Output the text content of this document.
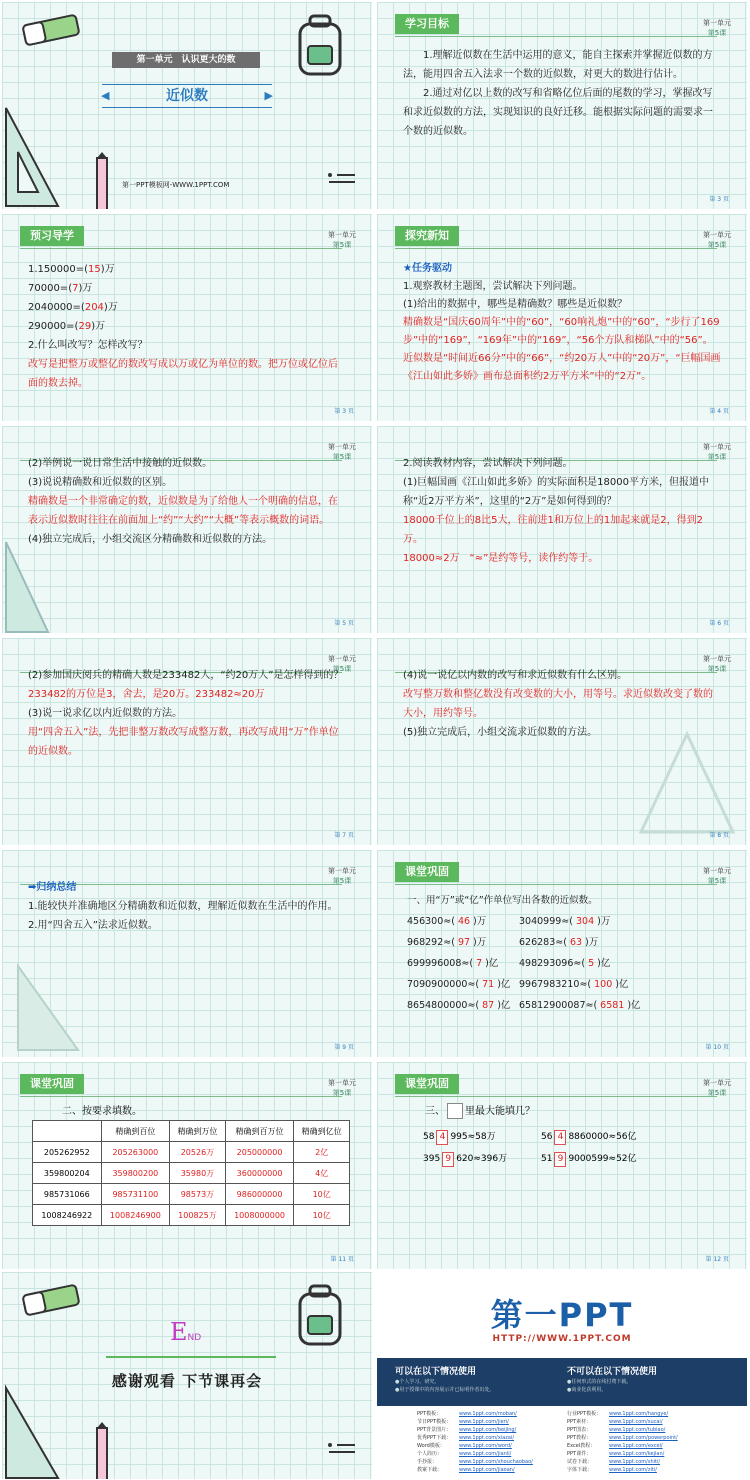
第一单元　认识更大的数
◀	近似数	▶
第一PPT模板网-WWW.1PPT.COM
学习目标	第一单元
第5课
1.理解近似数在生活中运用的意义，能自主探索并掌握近似数的方法，能用四舍五入法求一个数的近似数，对更大的数进行估计。
2.通过对亿以上数的改写和省略亿位后面的尾数的学习，掌握改写和求近似数的方法，实现知识的良好迁移。能根据实际问题的需要求一个数的近似数。
第 3 页
预习导学	第一单元
第5课
1.150000=(15)万
70000=(7)万
2040000=(204)万
290000=(29)万
2.什么叫改写？怎样改写？
改写是把整万或整亿的数改写成以万或亿为单位的数。把万位或亿位后面的数去掉。
第 3 页
探究新知	第一单元
第5课
★任务驱动
1.观察教材主题图，尝试解决下列问题。
(1)给出的数据中，哪些是精确数？哪些是近似数？
精确数是“国庆60周年”中的“60”，“60响礼炮”中的“60”，“步行了169步”中的“169”，“169年”中的“169”，“56个方队和梯队”中的“56”。近似数是“时间近66分”中的“66”，“约20万人”中的“20万”，“巨幅国画《江山如此多娇》画布总面积约2万平方米”中的“2万”。
第 4 页
第一单元
第5课
(2)举例说一说日常生活中接触的近似数。
(3)说说精确数和近似数的区别。
精确数是一个非常确定的数，近似数是为了给他人一个明确的信息，在表示近似数时往往在前面加上“约”“大约”“大概”等表示概数的词语。
(4)独立完成后，小组交流区分精确数和近似数的方法。
第 5 页
第一单元
第5课
2.阅读教材内容，尝试解决下列问题。
(1)巨幅国画《江山如此多娇》的实际面积是18000平方米，但报道中称“近2万平方米”，这里的“2万”是如何得到的？
18000千位上的8比5大，往前进1和万位上的1加起来就是2，得到2万。
18000≈2万　“≈”是约等号，读作约等于。
第 6 页
第一单元
第5课
(2)参加国庆阅兵的精确人数是233482人，“约20万人”是怎样得到的？
233482的万位是3，舍去，是20万。233482≈20万
(3)说一说求亿以内近似数的方法。
用“四舍五入”法，先把非整万数改写成整万数，再改写成用“万”作单位的近似数。
第 7 页
第一单元
第5课
(4)说一说亿以内数的改写和求近似数有什么区别。
改写整万数和整亿数没有改变数的大小，用等号。求近似数改变了数的大小，用约等号。
(5)独立完成后，小组交流求近似数的方法。
第 8 页
第一单元
第5课
➡归纳总结
1.能较快并准确地区分精确数和近似数，理解近似数在生活中的作用。
2.用“四舍五入”法求近似数。
第 9 页
课堂巩固	第一单元
第5课
一、用“万”或“亿”作单位写出各数的近似数。
456300≈( 46 )万	3040999≈( 304 )万
968292≈( 97 )万	626283≈( 63 )万
699996008≈( 7 )亿	498293096≈( 5 )亿
7090900000≈( 71 )亿 9967983210≈( 100 )亿
8654800000≈( 87 )亿 65812900087≈( 6581 )亿
第 10 页
课堂巩固	第一单元
第5课
二、按要求填数。
	精确到百位	精确到万位	精确到百万位	精确到亿位
205262952	205263000	20526万	205000000	2亿
359800204	359800200	35980万	360000000	4亿
985731066	985731100	98573万	986000000	10亿
1008246922	1008246900	100825万	1008000000	10亿
第 11 页
课堂巩固	第一单元
第5课
三、 里最大能填几？
58 4 995≈58万	56 4 8860000≈56亿
395 9 620≈396万	51 9 9000599≈52亿
第 12 页
END
感谢观看 下节课再会
第一PPT
HTTP://WWW.1PPT.COM
可以在以下情况使用
●个人学习、研究。
●用于授课中的内容展示并已标明作者出处。
不可以在以下情况使用
●任何形式的在线付费下载。
●商业化获利用。
PPT模板：	www.1ppt.com/moban/
节日PPT模板： www.1ppt.com/jieri/
PPT背景图片： www.1ppt.com/beijing/
优秀PPT下载： www.1ppt.com/xiazai/
Word模板：	www.1ppt.com/word/
个人简历：	www.1ppt.com/jianli/
手抄报：	www.1ppt.com/shouchaobao/
教案下载：	www.1ppt.com/jiaoan/
行业PPT模板： www.1ppt.com/hangye/
PPT素材：	www.1ppt.com/sucai/
PPT图表：	www.1ppt.com/tubiao/
PPT教程：	www.1ppt.com/powerpoint/
Excel教程：	www.1ppt.com/excel/
PPT课件：	www.1ppt.com/kejian/
试卷下载：	www.1ppt.com/shiti/
字体下载：	www.1ppt.com/ziti/
